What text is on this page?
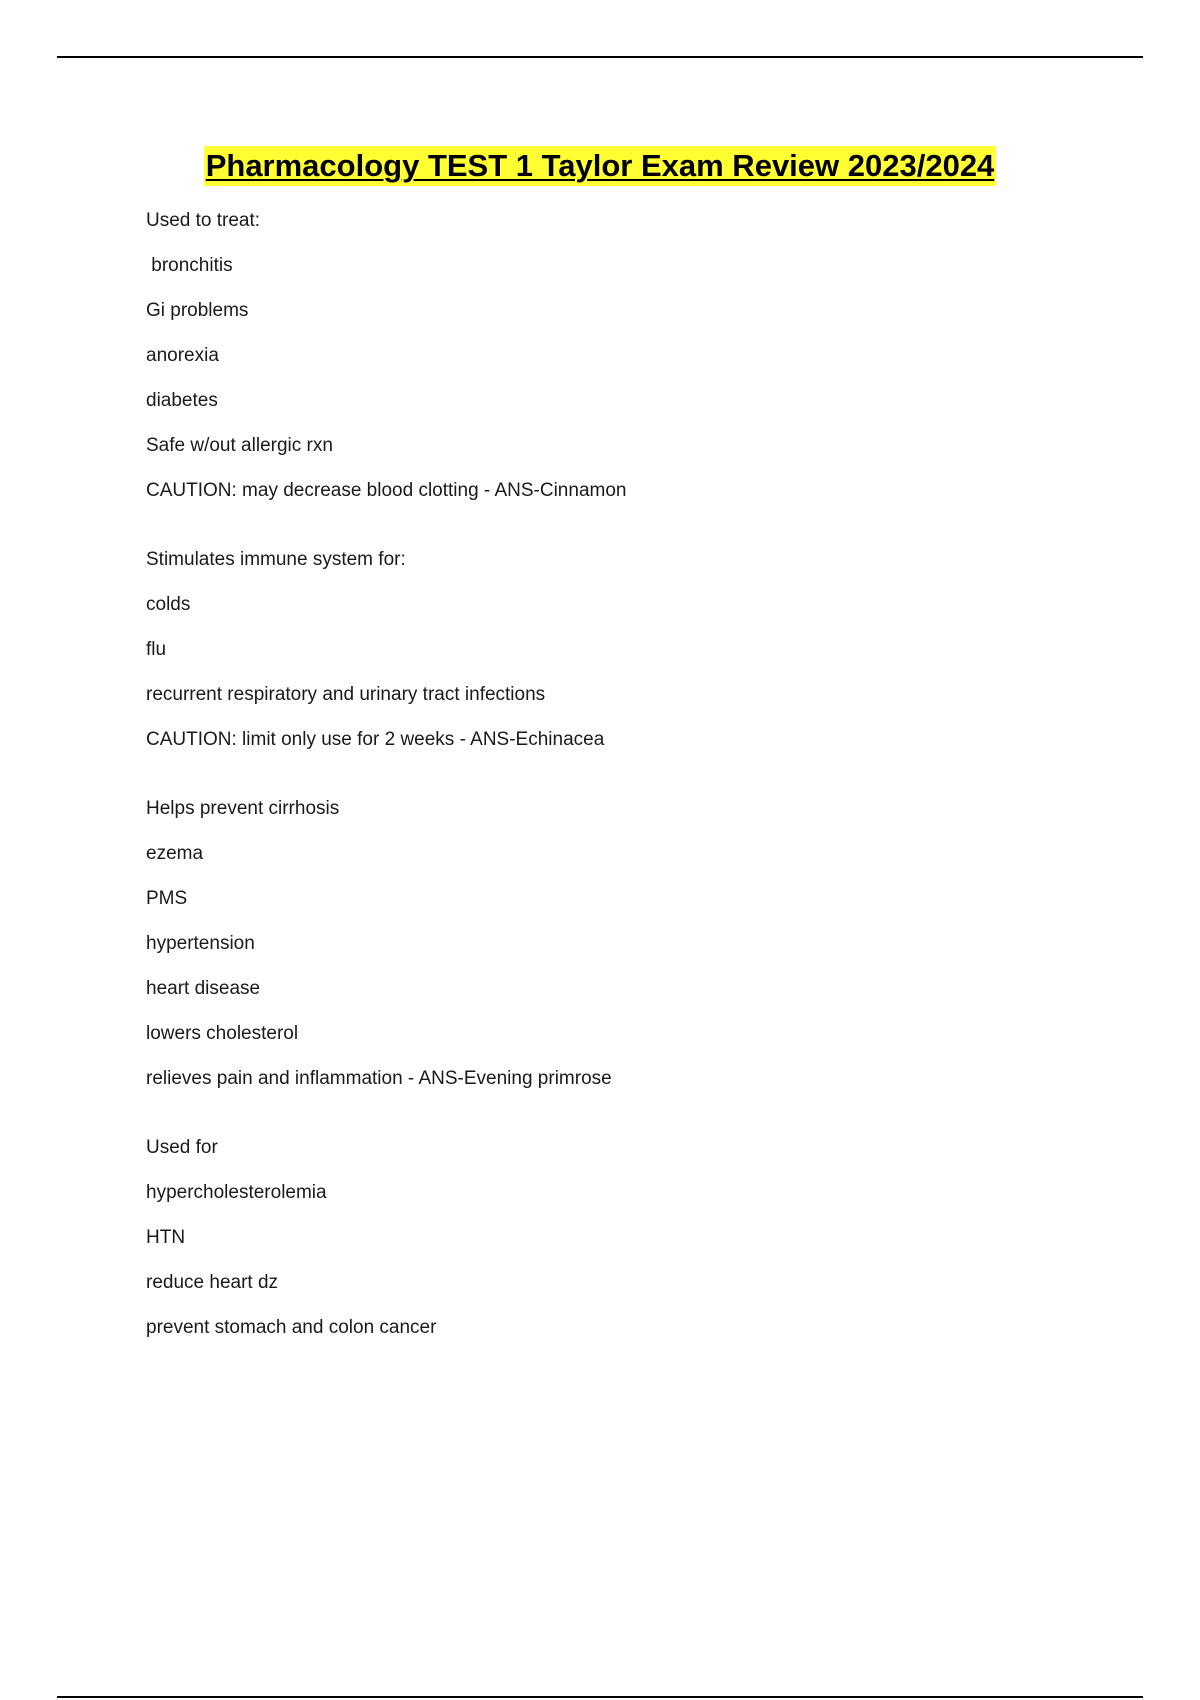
Pharmacology TEST 1 Taylor Exam Review 2023/2024
Used to treat:
bronchitis
Gi problems
anorexia
diabetes
Safe w/out allergic rxn
CAUTION: may decrease blood clotting - ANS-Cinnamon
Stimulates immune system for:
colds
flu
recurrent respiratory and urinary tract infections
CAUTION: limit only use for 2 weeks - ANS-Echinacea
Helps prevent cirrhosis
ezema
PMS
hypertension
heart disease
lowers cholesterol
relieves pain and inflammation - ANS-Evening primrose
Used for
hypercholesterolemia
HTN
reduce heart dz
prevent stomach and colon cancer
